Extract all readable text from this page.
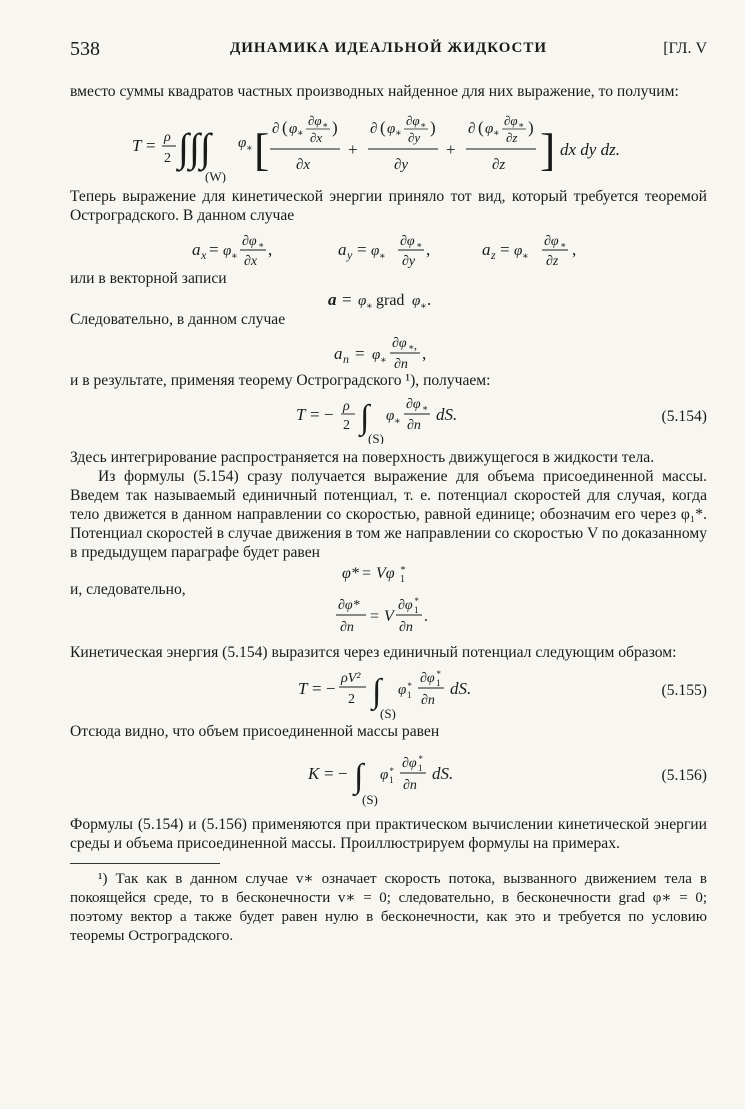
538	ДИНАМИКА ИДЕАЛЬНОЙ ЖИДКОСТИ	[ГЛ. V

вместо суммы квадратов частных производных найденное для них выражение, то получим:

T = ρ
2 ∫∫∫
(W)
φ ∗ [ ∂ ( φ ∗
∂φ ∗
∂x
)
∂x
+
∂ ( φ ∗
∂φ ∗
∂y
)
∂y
+
∂ ( φ ∗
∂φ ∗
∂z
)
∂z ] dx dy dz.

Теперь выражение для кинетической энергии приняло тот вид, который требуется теоремой Остроградского. В данном случае

a x = φ ∗
∂φ ∗
∂x
,	a y = φ ∗
∂φ ∗
∂y
,	a z = φ ∗
∂φ ∗
∂z
,

или в векторной записи

a = φ ∗ grad φ ∗ .

Следовательно, в данном случае

a n = φ ∗
∂φ ∗ ,
∂n
,

и в результате, применяя теорему Остроградского ¹), получаем:

T = − ρ
2 ∫
(S)
φ ∗
∂φ ∗
∂n
dS.	(5.154)

Здесь интегрирование распространяется на поверхность движущегося в жидкости тела.

Из формулы (5.154) сразу получается выражение для объема присоединенной массы. Введем так называемый единичный потенциал, т. е. потенциал скоростей для случая, когда тело движется в данном направлении со скоростью, равной единице; обозначим его через φ₁*. Потенциал скоростей в случае движения в том же направлении со скоростью V по доказанному в предыдущем параграфе будет равен

φ* = Vφ 1
*

и, следовательно,

∂φ*
∂n
= V
∂φ 1
*
∂n
.

Кинетическая энергия (5.154) выразится через единичный потенциал следующим образом:

T = −
ρV²
2 ∫
(S)
φ 1
* ∂φ 1
*
∂n
dS.	(5.155)

Отсюда видно, что объем присоединенной массы равен

K = − ∫
(S)
φ 1
* ∂φ 1
*
∂n
dS.	(5.156)

Формулы (5.154) и (5.156) применяются при практическом вычислении кинетической энергии среды и объема присоединенной массы. Проиллюстрируем формулы на примерах.

¹) Так как в данном случае v∗ означает скорость потока, вызванного движением тела в покоящейся среде, то в бесконечности v∗ = 0; следовательно, в бесконечности grad φ∗ = 0; поэтому вектор a также будет равен нулю в бесконечности, как это и требуется по условию теоремы Остроградского.
